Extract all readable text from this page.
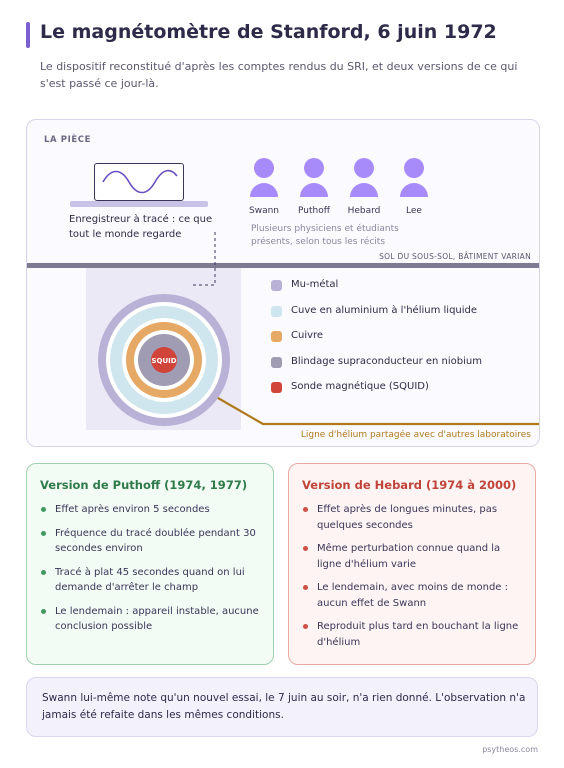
Le magnétomètre de Stanford, 6 juin 1972

Le dispositif reconstitué d'après les comptes rendus du SRI, et deux versions de ce qui s'est passé ce jour-là.

LA PIÈCE

Enregistreur à tracé : ce que tout le monde regarde

Swann	Puthoff	Hebard	Lee

Plusieurs physiciens et étudiants présents, selon tous les récits

SOL DU SOUS-SOL, BÂTIMENT VARIAN
SQUID
Mu-métal
Cuve en aluminium à l'hélium liquide
Cuivre
Blindage supraconducteur en niobium
Sonde magnétique (SQUID)
Ligne d'hélium partagée avec d'autres laboratoires
Version de Puthoff (1974, 1977)
Effet après environ 5 secondes
Fréquence du tracé doublée pendant 30 secondes environ
Tracé à plat 45 secondes quand on lui demande d'arrêter le champ
Le lendemain : appareil instable, aucune conclusion possible
Version de Hebard (1974 à 2000)
Effet après de longues minutes, pas quelques secondes
Même perturbation connue quand la ligne d'hélium varie
Le lendemain, avec moins de monde : aucun effet de Swann
Reproduit plus tard en bouchant la ligne d'hélium

Swann lui-même note qu'un nouvel essai, le 7 juin au soir, n'a rien donné. L'observation n'a jamais été refaite dans les mêmes conditions.

psytheos.com
